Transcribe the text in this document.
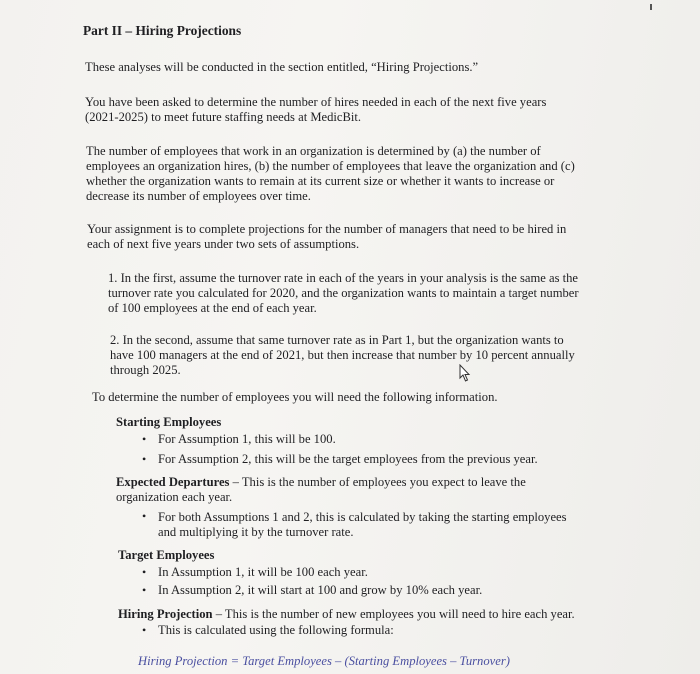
Part II – Hiring Projections
These analyses will be conducted in the section entitled, “Hiring Projections.”
You have been asked to determine the number of hires needed in each of the next five years
(2021-2025) to meet future staffing needs at MedicBit.
The number of employees that work in an organization is determined by (a) the number of
employees an organization hires, (b) the number of employees that leave the organization and (c)
whether the organization wants to remain at its current size or whether it wants to increase or
decrease its number of employees over time.
Your assignment is to complete projections for the number of managers that need to be hired in
each of next five years under two sets of assumptions.
1. In the first, assume the turnover rate in each of the years in your analysis is the same as the
turnover rate you calculated for 2020, and the organization wants to maintain a target number
of 100 employees at the end of each year.
2. In the second, assume that same turnover rate as in Part 1, but the organization wants to
have 100 managers at the end of 2021, but then increase that number by 10 percent annually
through 2025.
To determine the number of employees you will need the following information.
Starting Employees
• For Assumption 1, this will be 100.
• For Assumption 2, this will be the target employees from the previous year.
Expected Departures – This is the number of employees you expect to leave the
organization each year.
• For both Assumptions 1 and 2, this is calculated by taking the starting employees
and multiplying it by the turnover rate.
Target Employees
• In Assumption 1, it will be 100 each year.
• In Assumption 2, it will start at 100 and grow by 10% each year.
Hiring Projection – This is the number of new employees you will need to hire each year.
• This is calculated using the following formula:
Hiring Projection = Target Employees – (Starting Employees – Turnover)
